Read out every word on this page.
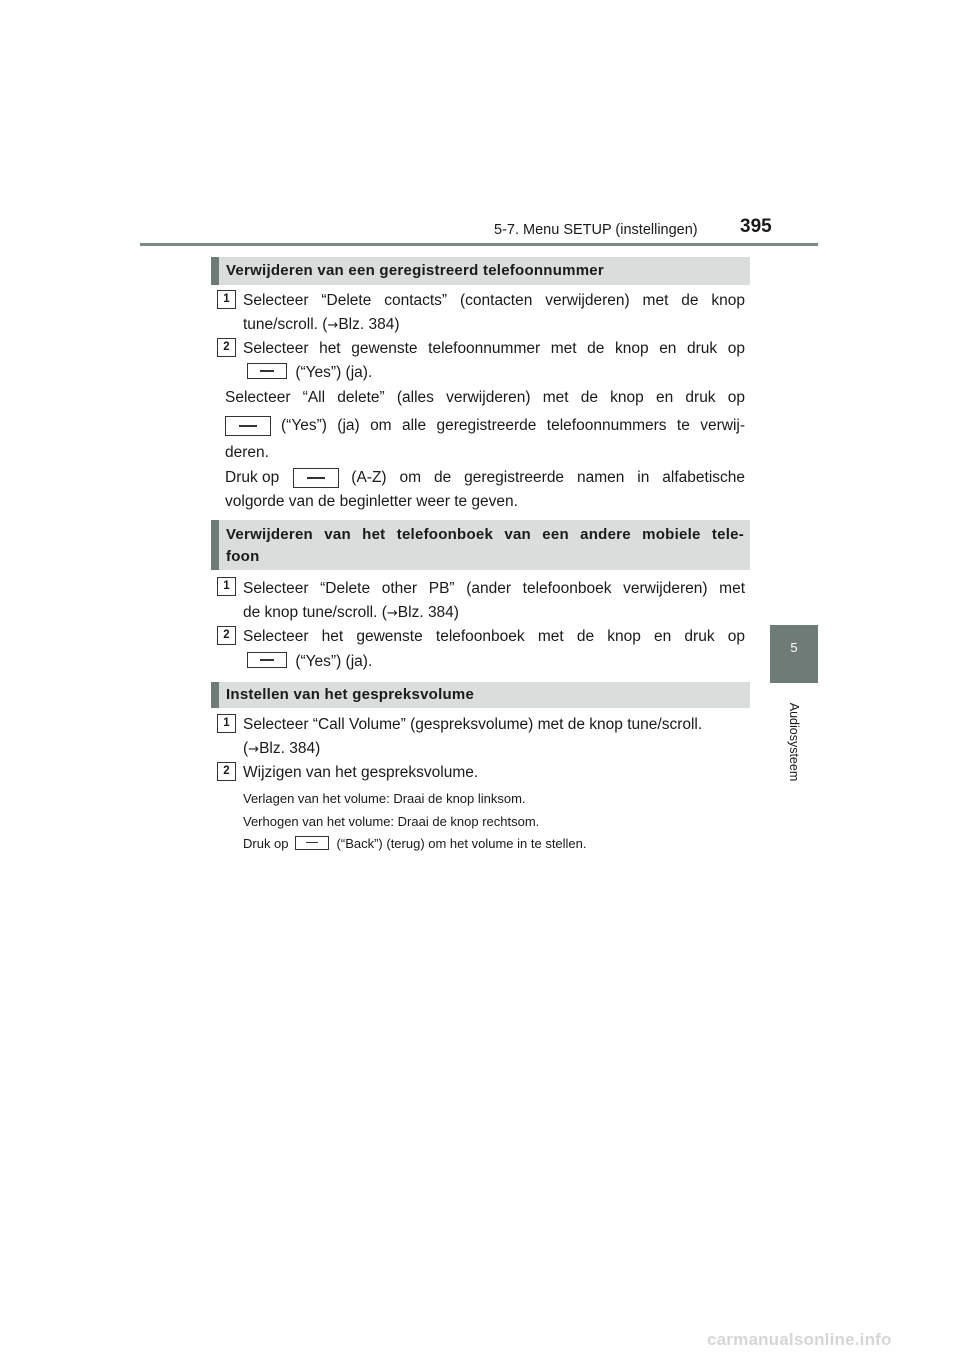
5-7. Menu SETUP (instellingen) 395
5
Audiosysteem
Verwijderen van een geregistreerd telefoonnummer
1 Selecteer “Delete contacts” (contacten verwijderen) met de knop
tune/scroll. (→Blz. 384)
2 Selecteer het gewenste telefoonnummer met de knop en druk op
(“Yes”) (ja).
Selecteer “All delete” (alles verwijderen) met de knop en druk op
(“Yes”) (ja) om alle geregistreerde telefoonnummers te verwij-
deren.
Druk op	(A-Z) om de geregistreerde namen in alfabetische
volgorde van de beginletter weer te geven.
Verwijderen van het telefoonboek van een andere mobiele tele-
foon
1 Selecteer “Delete other PB” (ander telefoonboek verwijderen) met
de knop tune/scroll. (→Blz. 384)
2 Selecteer het gewenste telefoonboek met de knop en druk op
(“Yes”) (ja).
Instellen van het gespreksvolume
1 Selecteer “Call Volume” (gespreksvolume) met de knop tune/scroll.
(→Blz. 384)
2 Wijzigen van het gespreksvolume.
Verlagen van het volume: Draai de knop linksom.
Verhogen van het volume: Draai de knop rechtsom.
Druk op	(“Back”) (terug) om het volume in te stellen.
carmanualsonline.info
